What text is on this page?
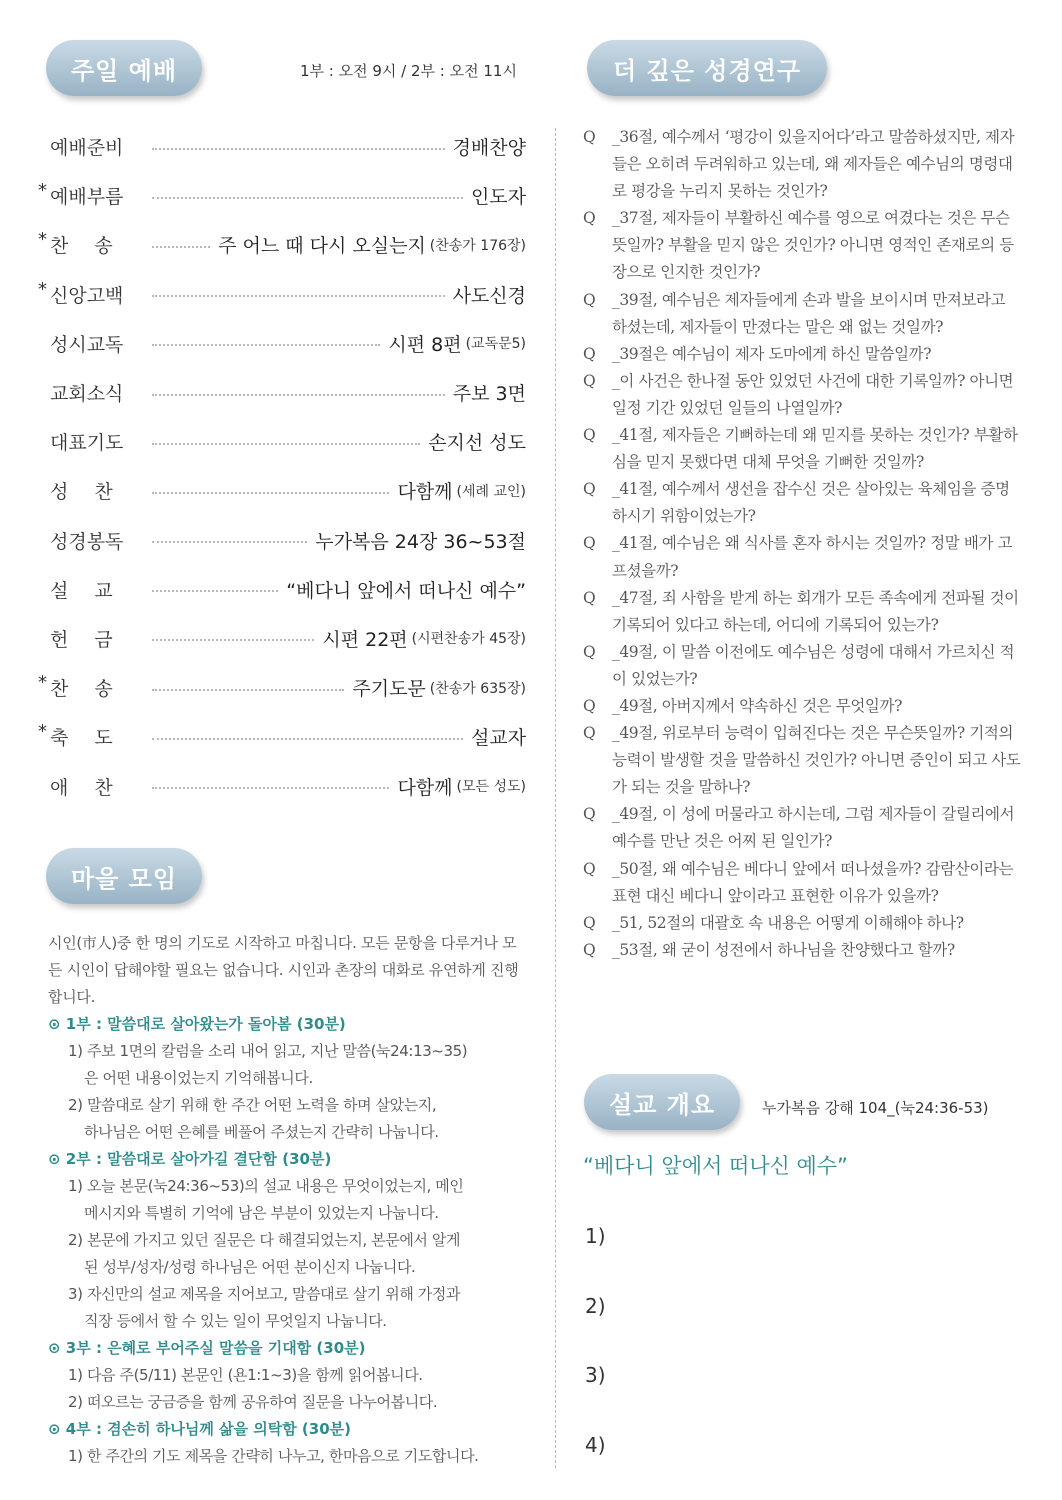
주일 예배	1부 : 오전 9시 / 2부 : 오전 11시	더 깊은 성경연구
마을 모임
설교 개요
예배준비	경배찬양
* 예배부름	인도자
* 찬송	주 어느 때 다시 오실는지 (찬송가 176장)
* 신앙고백	사도신경
성시교독	시편 8편 (교독문5)
교회소식	주보 3면
대표기도	손지선 성도
성찬	다함께 (세례 교인)
성경봉독	누가복음 24장 36~53절
설교	“베다니 앞에서 떠나신 예수”
헌금	시편 22편 (시편찬송가 45장)
* 찬송	주기도문 (찬송가 635장)
* 축도	설교자
애찬	다함께 (모든 성도)
시인(市人)중 한 명의 기도로 시작하고 마칩니다. 모든 문항을 다루거나 모든 시인이 답해야할 필요는 없습니다. 시인과 촌장의 대화로 유연하게 진행합니다.
⊙ 1부 : 말씀대로 살아왔는가 돌아봄 (30분)
1) 주보 1면의 칼럼을 소리 내어 읽고, 지난 말씀(눅24:13~35)
은 어떤 내용이었는지 기억해봅니다.
2) 말씀대로 살기 위해 한 주간 어떤 노력을 하며 살았는지,
하나님은 어떤 은혜를 베풀어 주셨는지 간략히 나눕니다.
⊙ 2부 : 말씀대로 살아가길 결단함 (30분)
1) 오늘 본문(눅24:36~53)의 설교 내용은 무엇이었는지, 메인
메시지와 특별히 기억에 남은 부분이 있었는지 나눕니다.
2) 본문에 가지고 있던 질문은 다 해결되었는지, 본문에서 알게
된 성부/성자/성령 하나님은 어떤 분이신지 나눕니다.
3) 자신만의 설교 제목을 지어보고, 말씀대로 살기 위해 가정과
직장 등에서 할 수 있는 일이 무엇일지 나눕니다.
⊙ 3부 : 은혜로 부어주실 말씀을 기대함 (30분)
1) 다음 주(5/11) 본문인 (욘1:1~3)을 함께 읽어봅니다.
2) 떠오르는 궁금증을 함께 공유하여 질문을 나누어봅니다.
⊙ 4부 : 겸손히 하나님께 삶을 의탁함 (30분)
1) 한 주간의 기도 제목을 간략히 나누고, 한마음으로 기도합니다.
Q	_36절, 예수께서 ‘평강이 있을지어다’라고 말씀하셨지만, 제자들은 오히려 두려워하고 있는데, 왜 제자들은 예수님의 명령대로 평강을 누리지 못하는 것인가?
Q	_37절, 제자들이 부활하신 예수를 영으로 여겼다는 것은 무슨 뜻일까? 부활을 믿지 않은 것인가? 아니면 영적인 존재로의 등장으로 인지한 것인가?
Q	_39절, 예수님은 제자들에게 손과 발을 보이시며 만져보라고 하셨는데, 제자들이 만졌다는 말은 왜 없는 것일까?
Q	_39절은 예수님이 제자 도마에게 하신 말씀일까?
Q	_이 사건은 한나절 동안 있었던 사건에 대한 기록일까? 아니면 일정 기간 있었던 일들의 나열일까?
Q	_41절, 제자들은 기뻐하는데 왜 믿지를 못하는 것인가? 부활하심을 믿지 못했다면 대체 무엇을 기뻐한 것일까?
Q	_41절, 예수께서 생선을 잡수신 것은 살아있는 육체임을 증명하시기 위함이었는가?
Q	_41절, 예수님은 왜 식사를 혼자 하시는 것일까? 정말 배가 고프셨을까?
Q	_47절, 죄 사함을 받게 하는 회개가 모든 족속에게 전파될 것이 기록되어 있다고 하는데, 어디에 기록되어 있는가?
Q	_49절, 이 말씀 이전에도 예수님은 성령에 대해서 가르치신 적이 있었는가?
Q	_49절, 아버지께서 약속하신 것은 무엇일까?
Q	_49절, 위로부터 능력이 입혀진다는 것은 무슨뜻일까? 기적의 능력이 발생할 것을 말씀하신 것인가? 아니면 증인이 되고 사도가 되는 것을 말하나?
Q	_49절, 이 성에 머물라고 하시는데, 그럼 제자들이 갈릴리에서 예수를 만난 것은 어찌 된 일인가?
Q	_50절, 왜 예수님은 베다니 앞에서 떠나셨을까? 감람산이라는 표현 대신 베다니 앞이라고 표현한 이유가 있을까?
Q	_51, 52절의 대괄호 속 내용은 어떻게 이해해야 하나?
Q	_53절, 왜 굳이 성전에서 하나님을 찬양했다고 할까?
누가복음 강해 104_(눅24:36-53)
“베다니 앞에서 떠나신 예수”
1)
2)
3)
4)
